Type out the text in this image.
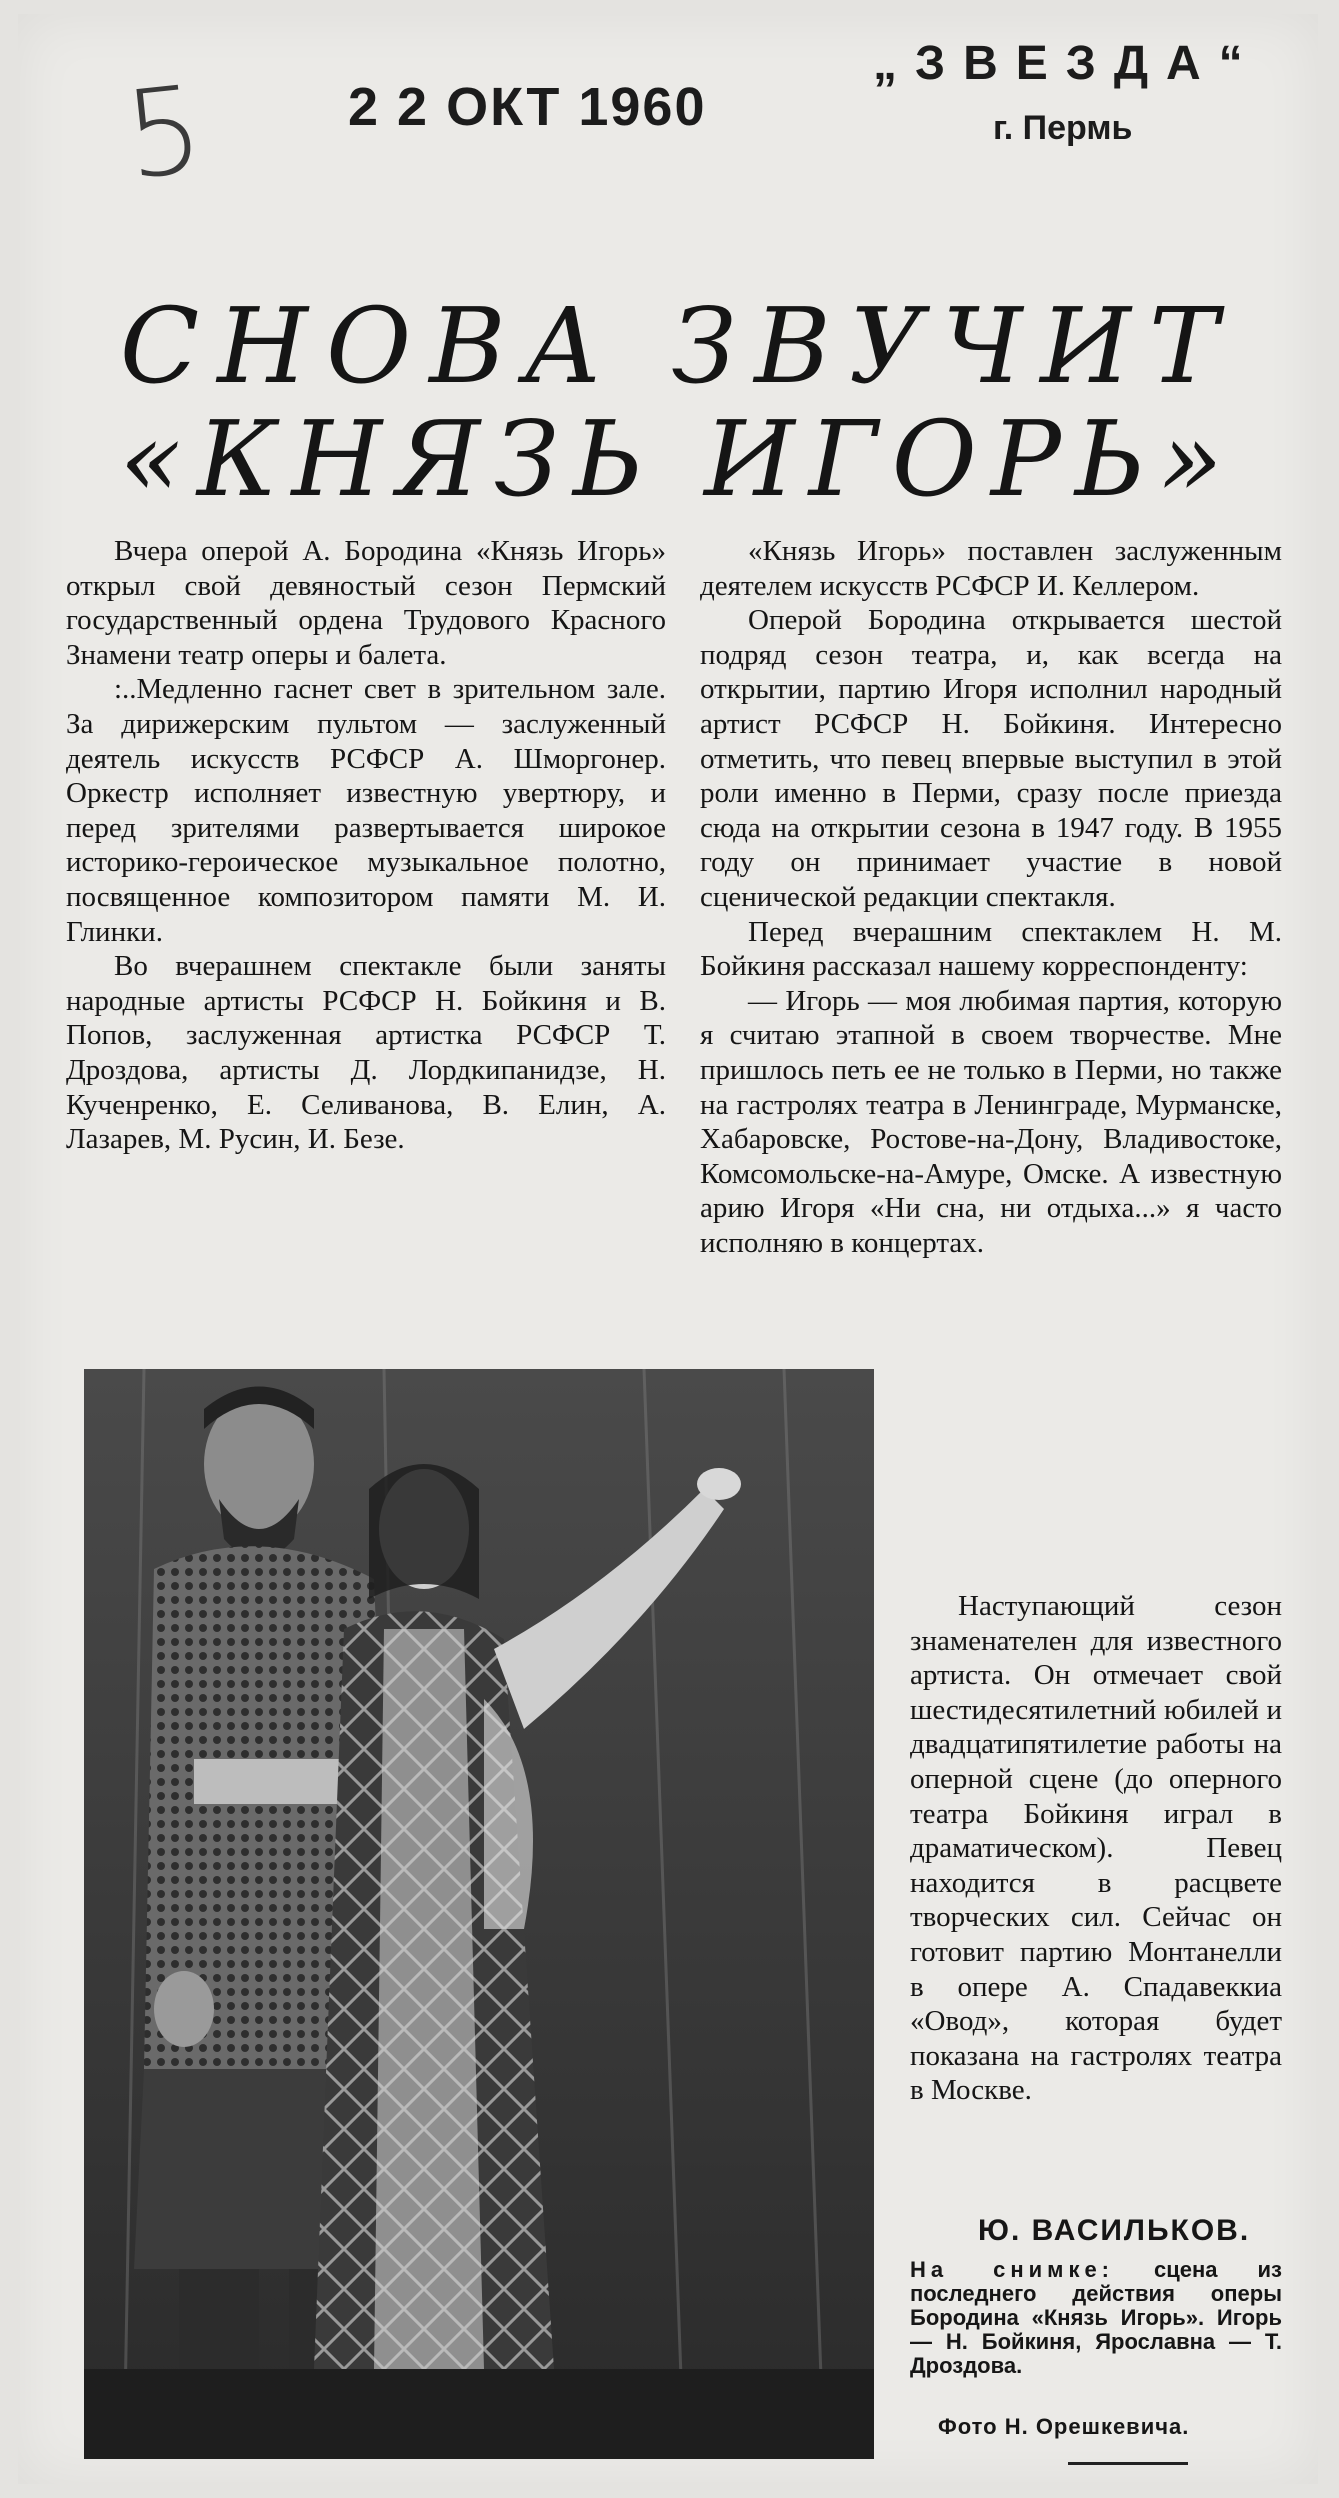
5	2 2 ОКТ 1960
„ЗВЕЗДА“
г. Пермь
СНОВА ЗВУЧИТ
«КНЯЗЬ ИГОРЬ»

Вчера оперой А. Бородина «Князь Игорь» открыл свой девяностый сезон Пермский государственный ордена Трудового Красного Знамени театр оперы и балета.

:..Медленно гаснет свет в зрительном зале. За дирижерским пультом — заслуженный деятель искусств РСФСР А. Шморгонер. Оркестр исполняет известную увертюру, и перед зрителями развертывается широкое историко-героическое музыкальное полотно, посвященное композитором памяти М. И. Глинки.

Во вчерашнем спектакле были заняты народные артисты РСФСР Н. Бойкиня и В. Попов, заслуженная артистка РСФСР Т. Дроздова, артисты Д. Лордкипанидзе, Н. Кученренко, Е. Селиванова, В. Елин, А. Лазарев, М. Русин, И. Безе.

«Князь Игорь» поставлен заслуженным деятелем искусств РСФСР И. Келлером.

Оперой Бородина открывается шестой подряд сезон театра, и, как всегда на открытии, партию Игоря исполнил народный артист РСФСР Н. Бойкиня. Интересно отметить, что певец впервые выступил в этой роли именно в Перми, сразу после приезда сюда на открытии сезона в 1947 году. В 1955 году он принимает участие в новой сценической редакции спектакля.

Перед вчерашним спектаклем Н. М. Бойкиня рассказал нашему корреспонденту:

— Игорь — моя любимая партия, которую я считаю этапной в своем творчестве. Мне пришлось петь ее не только в Перми, но также на гастролях театра в Ленинграде, Мурманске, Хабаровске, Ростове-на-Дону, Владивостоке, Комсомольске-на-Амуре, Омске. А известную арию Игоря «Ни сна, ни отдыха...» я часто исполняю в концертах.

Наступающий сезон знаменателен для известного артиста. Он отмечает свой шестидесятилетний юбилей и двадцатипятилетие работы на оперной сцене (до оперного театра Бойкиня играл в драматическом). Певец находится в расцвете творческих сил. Сейчас он готовит партию Монтанелли в опере А. Спадавеккиа «Овод», которая будет показана на гастролях театра в Москве.

Ю. ВАСИЛЬКОВ.
На снимке: сцена из последнего действия оперы Бородина «Князь Игорь». Игорь — Н. Бойкиня, Ярославна — Т. Дроздова.
Фото Н. Орешкевича.
